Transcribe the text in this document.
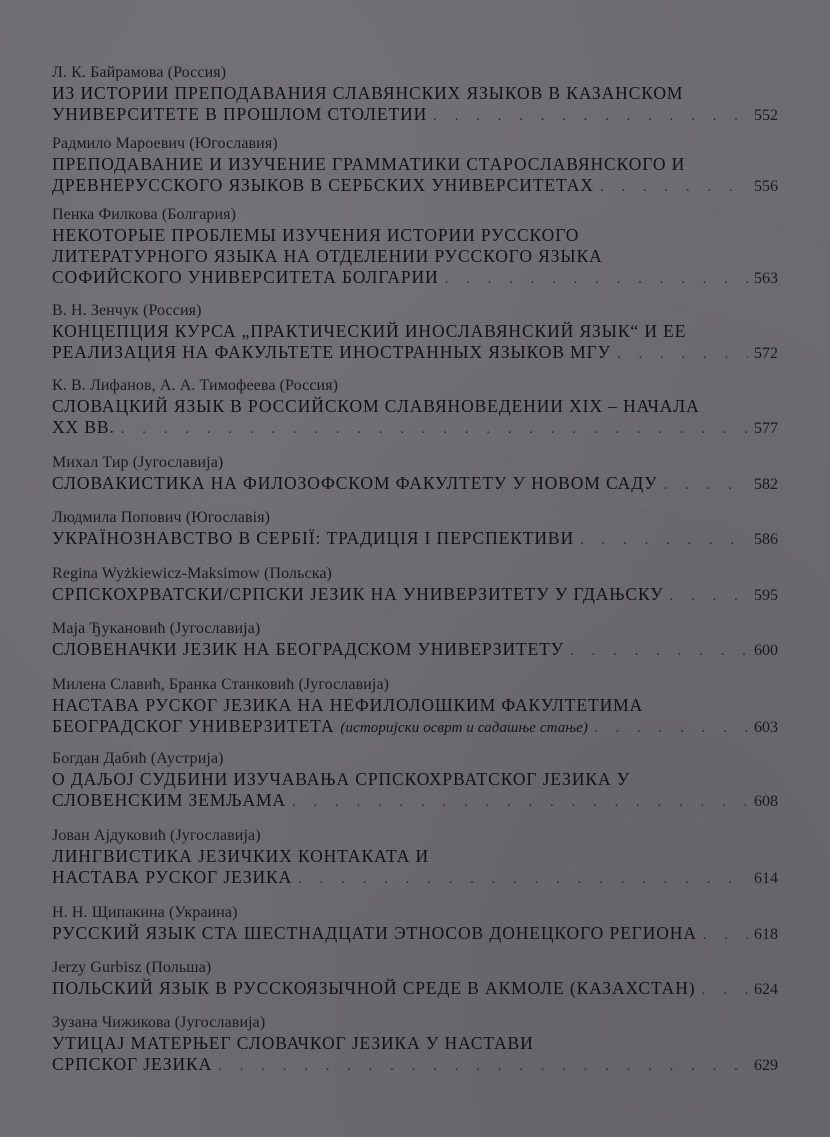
Л. К. Байрамова (Россия)
ИЗ ИСТОРИИ ПРЕПОДАВАНИЯ СЛАВЯНСКИХ ЯЗЫКОВ В КАЗАНСКОМ
УНИВЕРСИТЕТЕ В ПРОШЛОМ СТОЛЕТИИ . . .	552
Радмило Мароевич (Югославия)
ПРЕПОДАВАНИЕ И ИЗУЧЕНИЕ ГРАММАТИКИ СТАРОСЛАВЯНСКОГО И
ДРЕВНЕРУССКОГО ЯЗЫКОВ В СЕРБСКИХ УНИВЕРСИТЕТАХ . . .	556
Пенка Филкова (Болгария)
НЕКОТОРЫЕ ПРОБЛЕМЫ ИЗУЧЕНИЯ ИСТОРИИ РУССКОГО
ЛИТЕРАТУРНОГО ЯЗЫКА НА ОТДЕЛЕНИИ РУССКОГО ЯЗЫКА
СОФИЙСКОГО УНИВЕРСИТЕТА БОЛГАРИИ . . .	563
В. Н. Зенчук (Россия)
КОНЦЕПЦИЯ КУРСА „ПРАКТИЧЕСКИЙ ИНОСЛАВЯНСКИЙ ЯЗЫК“ И ЕЕ
РЕАЛИЗАЦИЯ НА ФАКУЛЬТЕТЕ ИНОСТРАННЫХ ЯЗЫКОВ МГУ . . .	572
К. В. Лифанов, А. А. Тимофеева (Россия)
СЛОВАЦКИЙ ЯЗЫК В РОССИЙСКОМ СЛАВЯНОВЕДЕНИИ XIX – НАЧАЛА
XX ВВ. . . .	577
Михал Тир (Југославија)
СЛОВАКИСТИКА НА ФИЛОЗОФСКОМ ФАКУЛТЕТУ У НОВОМ САДУ . . .	582
Людмила Попович (Югославія)
УКРАЇНОЗНАВСТВО В СЕРБІЇ: ТРАДИЦІЯ І ПЕРСПЕКТИВИ . . .	586
Regina Wyżkiewicz-Maksimow (Польска)
СРПСКОХРВАТСКИ/СРПСКИ ЈЕЗИК НА УНИВЕРЗИТЕТУ У ГДАЊСКУ . . .	595
Маја Ђукановић (Југославија)
СЛОВЕНАЧКИ ЈЕЗИК НА БЕОГРАДСКОМ УНИВЕРЗИТЕТУ . . .	600
Милена Славић, Бранка Станковић (Југославија)
НАСТАВА РУСКОГ ЈЕЗИКА НА НЕФИЛОЛОШКИМ ФАКУЛТЕТИМА
БЕОГРАДСКОГ УНИВЕРЗИТЕТА (историјски осврт и садашње стање) . . .	603
Богдан Дабић (Аустрија)
О ДАЉОЈ СУДБИНИ ИЗУЧАВАЊА СРПСКОХРВАТСКОГ ЈЕЗИКА У
СЛОВЕНСКИМ ЗЕМЉАМА . . .	608
Јован Ајдуковић (Југославија)
ЛИНГВИСТИКА ЈЕЗИЧКИХ КОНТАКАТА И
НАСТАВА РУСКОГ ЈЕЗИКА . . .	614
Н. Н. Щипакина (Украина)
РУССКИЙ ЯЗЫК СТА ШЕСТНАДЦАТИ ЭТНОСОВ ДОНЕЦКОГО РЕГИОНА . . .	618
Jerzy Gurbisz (Польша)
ПОЛЬСКИЙ ЯЗЫК В РУССКОЯЗЫЧНОЙ СРЕДЕ В АКМОЛЕ (КАЗАХСТАН) . . .	624
Зузана Чижикова (Југославија)
УТИЦАЈ МАТЕРЊЕГ СЛОВАЧКОГ ЈЕЗИКА У НАСТАВИ
СРПСКОГ ЈЕЗИКА . . .	629
